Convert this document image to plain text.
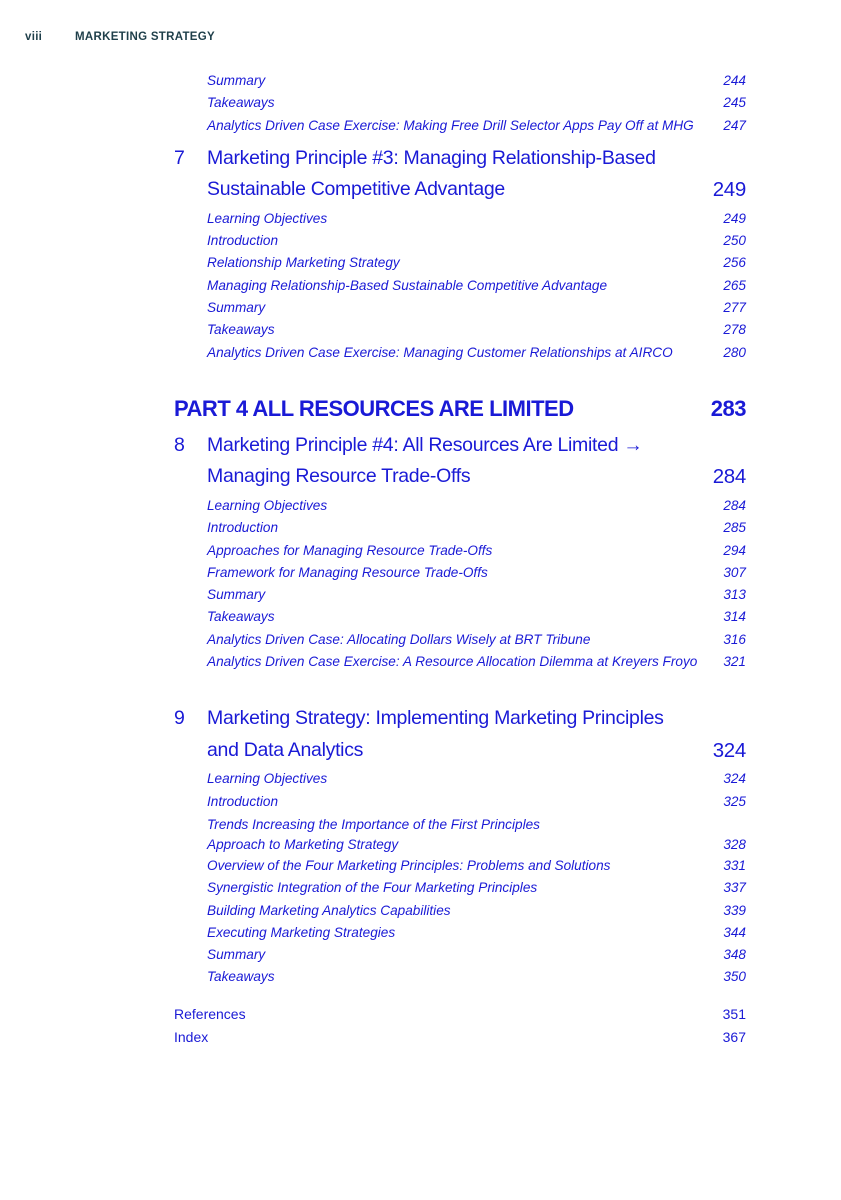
viii	MARKETING STRATEGY
Summary	244
Takeaways	245
Analytics Driven Case Exercise: Making Free Drill Selector Apps Pay Off at MHG	247
7	Marketing Principle #3: Managing Relationship-Based
Sustainable Competitive Advantage	249
Learning Objectives	249
Introduction	250
Relationship Marketing Strategy	256
Managing Relationship-Based Sustainable Competitive Advantage	265
Summary	277
Takeaways	278
Analytics Driven Case Exercise: Managing Customer Relationships at AIRCO	280
PART 4 ALL RESOURCES ARE LIMITED	283
8	Marketing Principle #4: All Resources Are Limited →
Managing Resource Trade-Offs	284
Learning Objectives	284
Introduction	285
Approaches for Managing Resource Trade-Offs	294
Framework for Managing Resource Trade-Offs	307
Summary	313
Takeaways	314
Analytics Driven Case: Allocating Dollars Wisely at BRT Tribune	316
Analytics Driven Case Exercise: A Resource Allocation Dilemma at Kreyers Froyo	321
9	Marketing Strategy: Implementing Marketing Principles
and Data Analytics	324
Learning Objectives	324
Introduction	325
Trends Increasing the Importance of the First Principles
Approach to Marketing Strategy	328
Overview of the Four Marketing Principles: Problems and Solutions	331
Synergistic Integration of the Four Marketing Principles	337
Building Marketing Analytics Capabilities	339
Executing Marketing Strategies	344
Summary	348
Takeaways	350
References	351
Index	367
